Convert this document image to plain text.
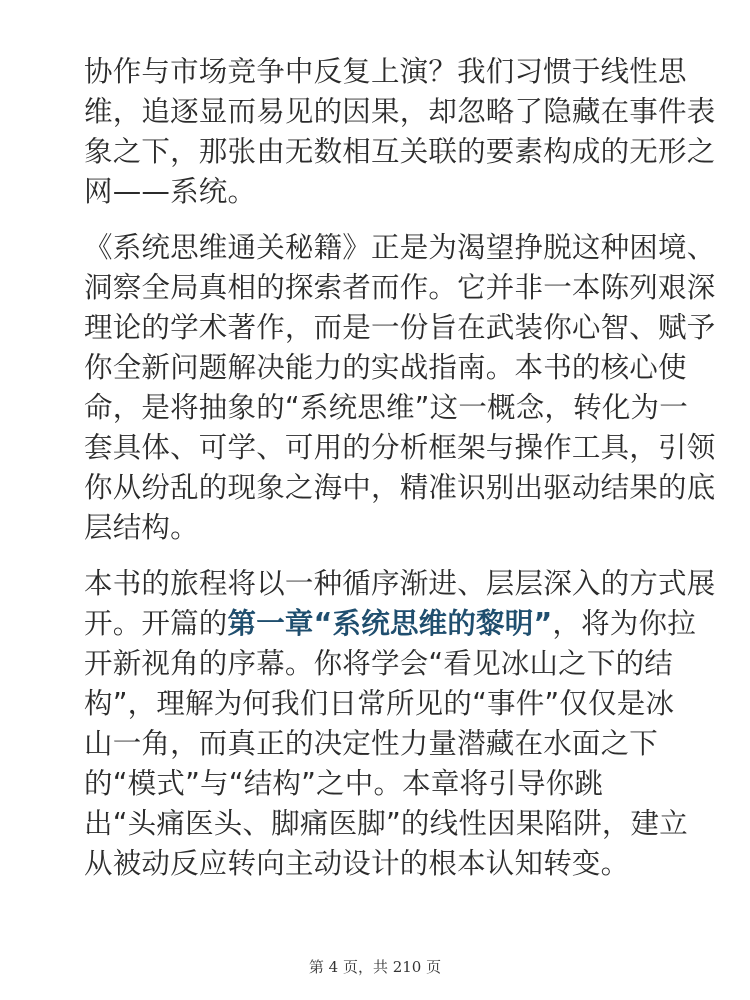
协作与市场竞争中反复上演？我们习惯于线性思
维，追逐显而易见的因果，却忽略了隐藏在事件表
象之下，那张由无数相互关联的要素构成的无形之
网——系统。
《系统思维通关秘籍》正是为渴望挣脱这种困境、
洞察全局真相的探索者而作。它并非一本陈列艰深
理论的学术著作，而是一份旨在武装你心智、赋予
你全新问题解决能力的实战指南。本书的核心使
命，是将抽象的“系统思维”这一概念，转化为一
套具体、可学、可用的分析框架与操作工具，引领
你从纷乱的现象之海中，精准识别出驱动结果的底
层结构。
本书的旅程将以一种循序渐进、层层深入的方式展
开。开篇的第一章“系统思维的黎明”，将为你拉
开新视角的序幕。你将学会“看见冰山之下的结
构”，理解为何我们日常所见的“事件”仅仅是冰
山一角，而真正的决定性力量潜藏在水面之下
的“模式”与“结构”之中。本章将引导你跳
出“头痛医头、脚痛医脚”的线性因果陷阱，建立
从被动反应转向主动设计的根本认知转变。
第 4 页，共 210 页
